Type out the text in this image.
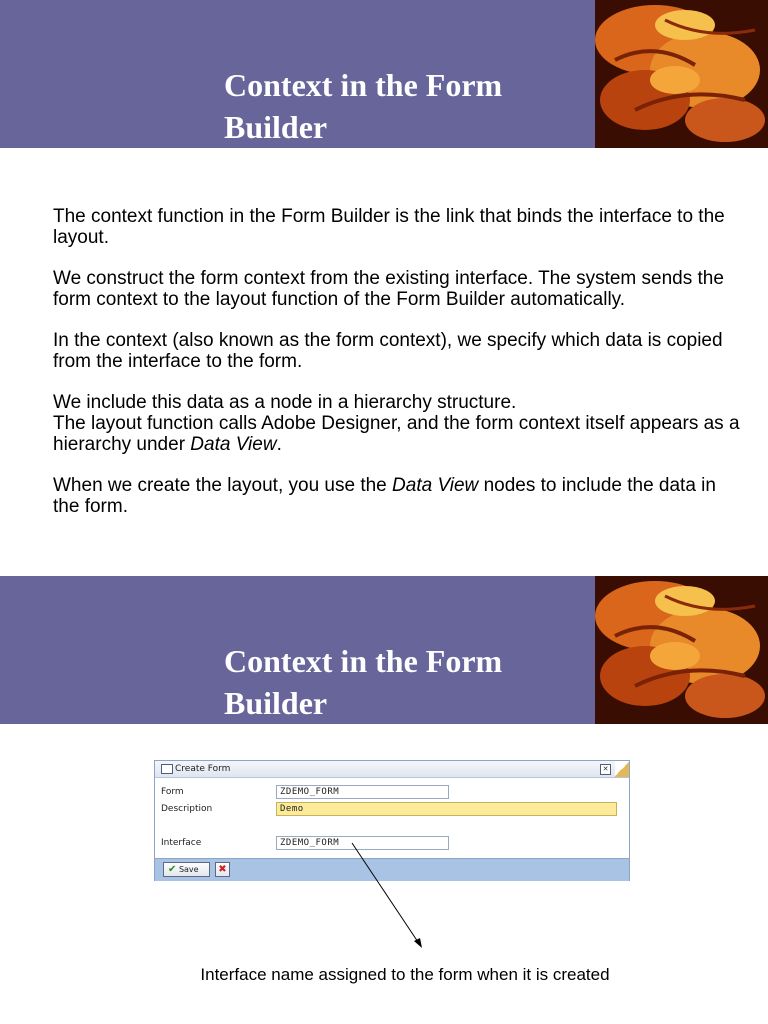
Context in the Form Builder

The context function in the Form Builder is the link that binds the interface to the layout.

We construct the form context from the existing interface. The system sends the form context to the layout function of the Form Builder automatically.

In the context (also known as the form context), we specify which data is copied from the interface to the form.

We include this data as a node in a hierarchy structure.

The layout function calls Adobe Designer, and the form context itself appears as a hierarchy under Data View.

When we create the layout, you use the Data View nodes to include the data in the form.

Context in the Form Builder
Create Form	✕
Form	ZDEMO_FORM
Description	Demo
Interface	ZDEMO_FORM
✔ Save	✖
Interface name assigned to the form when it is created
